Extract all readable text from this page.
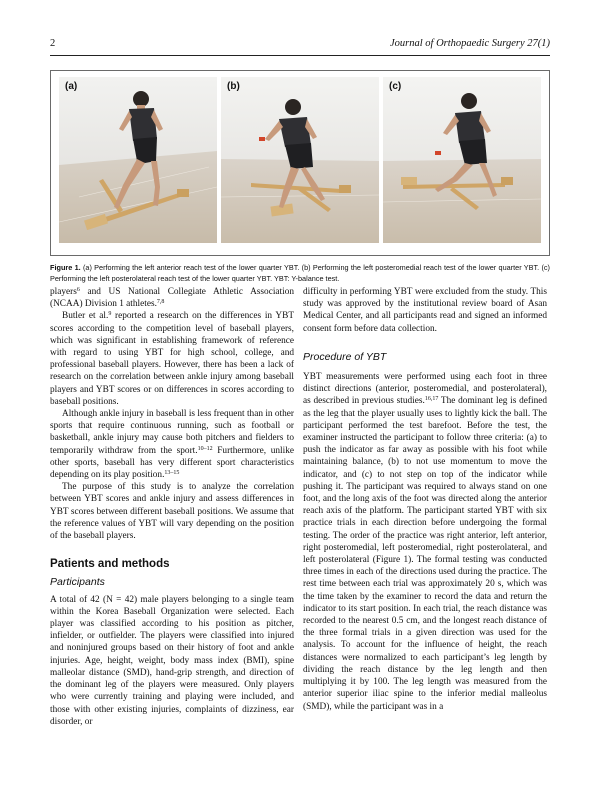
2	Journal of Orthopaedic Surgery 27(1)
(a)	(b)	(c)
Figure 1. (a) Performing the left anterior reach test of the lower quarter YBT. (b) Performing the left posteromedial reach test of the lower quarter YBT. (c) Performing the left posterolateral reach test of the lower quarter YBT. YBT: Y-balance test.

players$^6$ and US National Collegiate Athletic Association (NCAA) Division 1 athletes.$^{7,8}$

Butler et al.$^9$ reported a research on the differences in YBT scores according to the competition level of baseball players, which was significant in establishing framework of reference with regard to using YBT for high school, college, and professional baseball players. However, there has been a lack of research on the correlation between ankle injury among baseball players and YBT scores or on differences in scores according to baseball positions.

Although ankle injury in baseball is less frequent than in other sports that require continuous running, such as football or basketball, ankle injury may cause both pitchers and fielders to temporarily withdraw from the sport.$^{10-12}$ Furthermore, unlike other sports, baseball has very different sport characteristics depending on its play position.$^{13-15}$

The purpose of this study is to analyze the correlation between YBT scores and ankle injury and assess differences in YBT scores between different baseball positions. We assume that the reference values of YBT will vary depending on the position of the baseball players.

Patients and methods
Participants

A total of 42 (N = 42) male players belonging to a single team within the Korea Baseball Organization were selected. Each player was classified according to his position as pitcher, infielder, or outfielder. The players were classified into injured and noninjured groups based on their history of foot and ankle injuries. Age, height, weight, body mass index (BMI), spine malleolar distance (SMD), hand-grip strength, and direction of the dominant leg of the players were measured. Only players who were currently training and playing were included, and those with other existing injuries, complaints of dizziness, ear disorder, or

difficulty in performing YBT were excluded from the study. This study was approved by the institutional review board of Asan Medical Center, and all participants read and signed an informed consent form before data collection.

Procedure of YBT

YBT measurements were performed using each foot in three distinct directions (anterior, posteromedial, and posterolateral), as described in previous studies.$^{16,17}$ The dominant leg is defined as the leg that the player usually uses to lightly kick the ball. The participant performed the test barefoot. Before the test, the examiner instructed the participant to follow three criteria: (a) to push the indicator as far away as possible with his foot while maintaining balance, (b) to not use momentum to move the indicator, and (c) to not step on top of the indicator while pushing it. The participant was required to always stand on one foot, and the long axis of the foot was directed along the anterior reach axis of the platform. The participant started YBT with six practice trials in each direction before undergoing the formal testing. The order of the practice was right anterior, left anterior, right posteromedial, left posteromedial, right posterolateral, and left posterolateral (Figure 1). The formal testing was conducted three times in each of the directions used during the practice. The rest time between each trial was approximately 20 s, which was the time taken by the examiner to record the data and return the indicator to its start position. In each trial, the reach distance was recorded to the nearest 0.5 cm, and the longest reach distance of the three formal trials in a given direction was used for the analysis. To account for the influence of height, the reach distances were normalized to each participant’s leg length by dividing the reach distance by the leg length and then multiplying it by 100. The leg length was measured from the anterior superior iliac spine to the inferior medial malleolus (SMD), while the participant was in a
